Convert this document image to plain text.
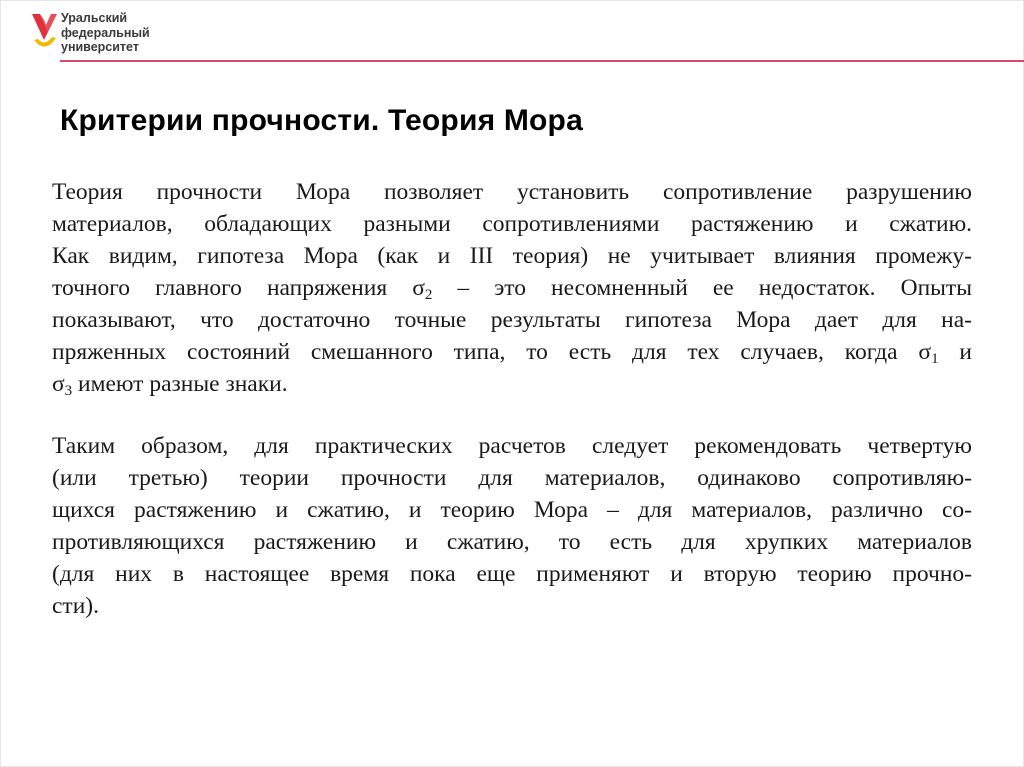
Уральский
федеральный
университет
Критерии прочности. Теория Мора

Теория прочности Мора позволяет установить сопротивление разрушению
материалов, обладающих разными сопротивлениями растяжению и сжатию.
Как видим, гипотеза Мора (как и III теория) не учитывает влияния промежу-
точного главного напряжения $\sigma_2$ – это несомненный ее недостаток. Опыты
показывают, что достаточно точные результаты гипотеза Мора дает для на-
пряженных состояний смешанного типа, то есть для тех случаев, когда $\sigma_1$ и
$\sigma_3$ имеют разные знаки.

Таким образом, для практических расчетов следует рекомендовать четвертую
(или третью) теории прочности для материалов, одинаково сопротивляю-
щихся растяжению и сжатию, и теорию Мора – для материалов, различно со-
противляющихся растяжению и сжатию, то есть для хрупких материалов
(для них в настоящее время пока еще применяют и вторую теорию прочно-
сти).
